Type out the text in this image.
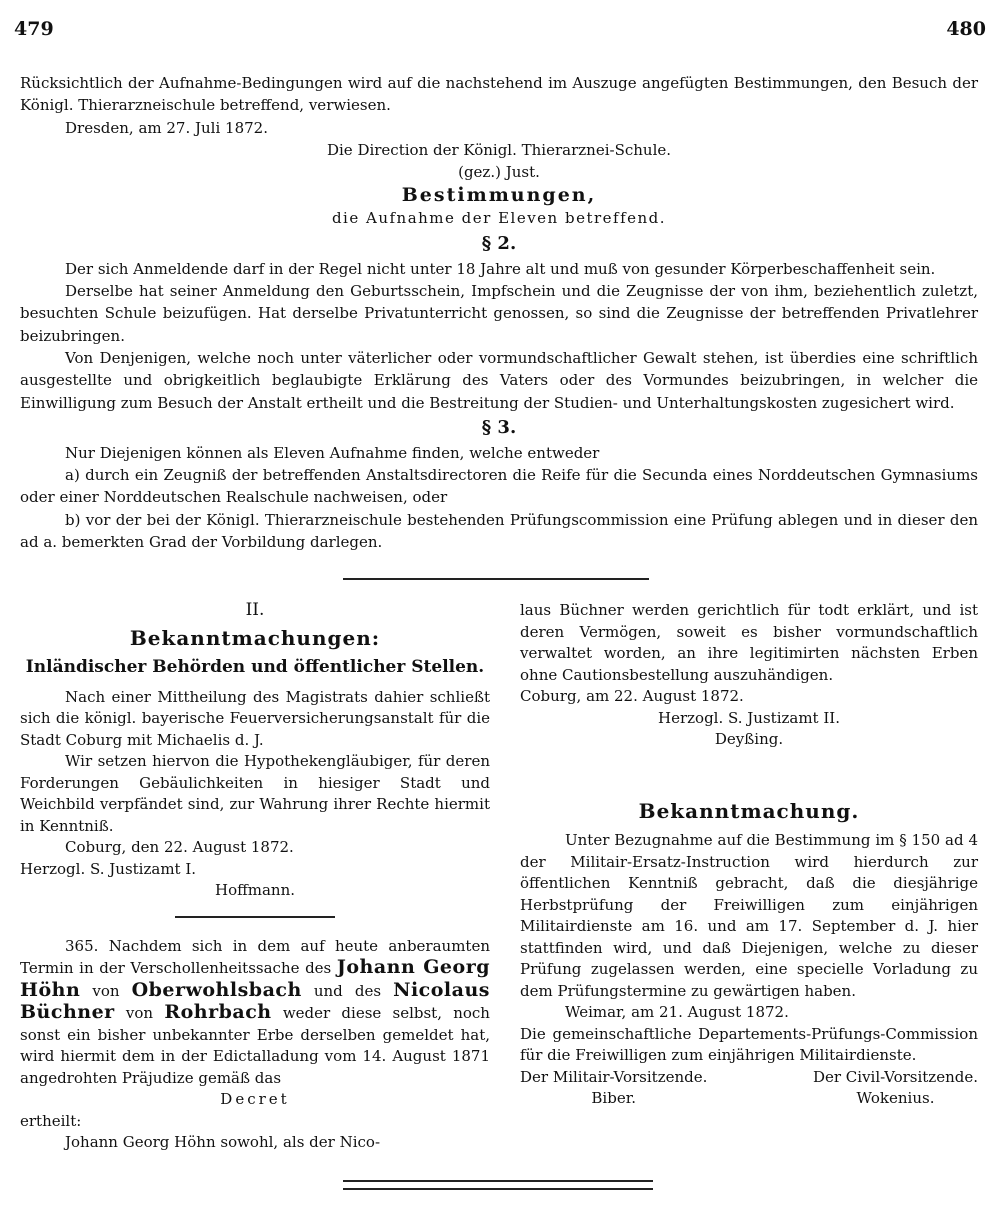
479	480

Rücksichtlich der Aufnahme-Bedingungen wird auf die nachstehend im Auszuge angefügten Bestimmungen, den Besuch der Königl. Thierarzneischule betreffend, verwiesen.

Dresden, am 27. Juli 1872.

Die Direction der Königl. Thierarznei-Schule.

(gez.) Just.

Bestimmungen,

die Aufnahme der Eleven betreffend.

§ 2.

Der sich Anmeldende darf in der Regel nicht unter 18 Jahre alt und muß von gesunder Körperbeschaffenheit sein.

Derselbe hat seiner Anmeldung den Geburtsschein, Impfschein und die Zeugnisse der von ihm, beziehentlich zuletzt, besuchten Schule beizufügen. Hat derselbe Privatunterricht genossen, so sind die Zeugnisse der betreffenden Privatlehrer beizubringen.

Von Denjenigen, welche noch unter väterlicher oder vormundschaftlicher Gewalt stehen, ist überdies eine schriftlich ausgestellte und obrigkeitlich beglaubigte Erklärung des Vaters oder des Vormundes beizubringen, in welcher die Einwilligung zum Besuch der Anstalt ertheilt und die Bestreitung der Studien- und Unterhaltungskosten zugesichert wird.

§ 3.

Nur Diejenigen können als Eleven Aufnahme finden, welche entweder

a) durch ein Zeugniß der betreffenden Anstaltsdirectoren die Reife für die Secunda eines Norddeutschen Gymnasiums oder einer Norddeutschen Realschule nachweisen, oder
b) vor der bei der Königl. Thierarzneischule bestehenden Prüfungscommission eine Prüfung ablegen und in dieser den ad a. bemerkten Grad der Vorbildung darlegen.

II.

Bekanntmachungen:

Inländischer Behörden und öffentlicher Stellen.

Nach einer Mittheilung des Magistrats dahier schließt sich die königl. bayerische Feuerversicherungsanstalt für die Stadt Coburg mit Michaelis d. J.

Wir setzen hiervon die Hypothekengläubiger, für deren Forderungen Gebäulichkeiten in hiesiger Stadt und Weichbild verpfändet sind, zur Wahrung ihrer Rechte hiermit in Kenntniß.

Coburg, den 22. August 1872.

Herzogl. S. Justizamt I.

Hoffmann.

365. Nachdem sich in dem auf heute anberaumten Termin in der Verschollenheitssache des Johann Georg Höhn von Oberwohlsbach und des Nicolaus Büchner von Rohrbach weder diese selbst, noch sonst ein bisher unbekannter Erbe derselben gemeldet hat, wird hiermit dem in der Edictalladung vom 14. August 1871 angedrohten Präjudize gemäß das

Decret

ertheilt:

Johann Georg Höhn sowohl, als der Nico-

laus Büchner werden gerichtlich für todt erklärt, und ist deren Vermögen, soweit es bisher vormundschaftlich verwaltet worden, an ihre legitimirten nächsten Erben ohne Cautionsbestellung auszuhändigen.

Coburg, am 22. August 1872.

Herzogl. S. Justizamt II.

Deyßing.

Bekanntmachung.

Unter Bezugnahme auf die Bestimmung im § 150 ad 4 der Militair-Ersatz-Instruction wird hierdurch zur öffentlichen Kenntniß gebracht, daß die diesjährige Herbstprüfung der Freiwilligen zum einjährigen Militairdienste am 16. und am 17. September d. J. hier stattfinden wird, und daß Diejenigen, welche zu dieser Prüfung zugelassen werden, eine specielle Vorladung zu dem Prüfungstermine zu gewärtigen haben.

Weimar, am 21. August 1872.

Die gemeinschaftliche Departements-Prüfungs-Commission für die Freiwilligen zum einjährigen Militairdienste.

Der Militair-Vorsitzende.
Biber.
Der Civil-Vorsitzende.
Wokenius.
